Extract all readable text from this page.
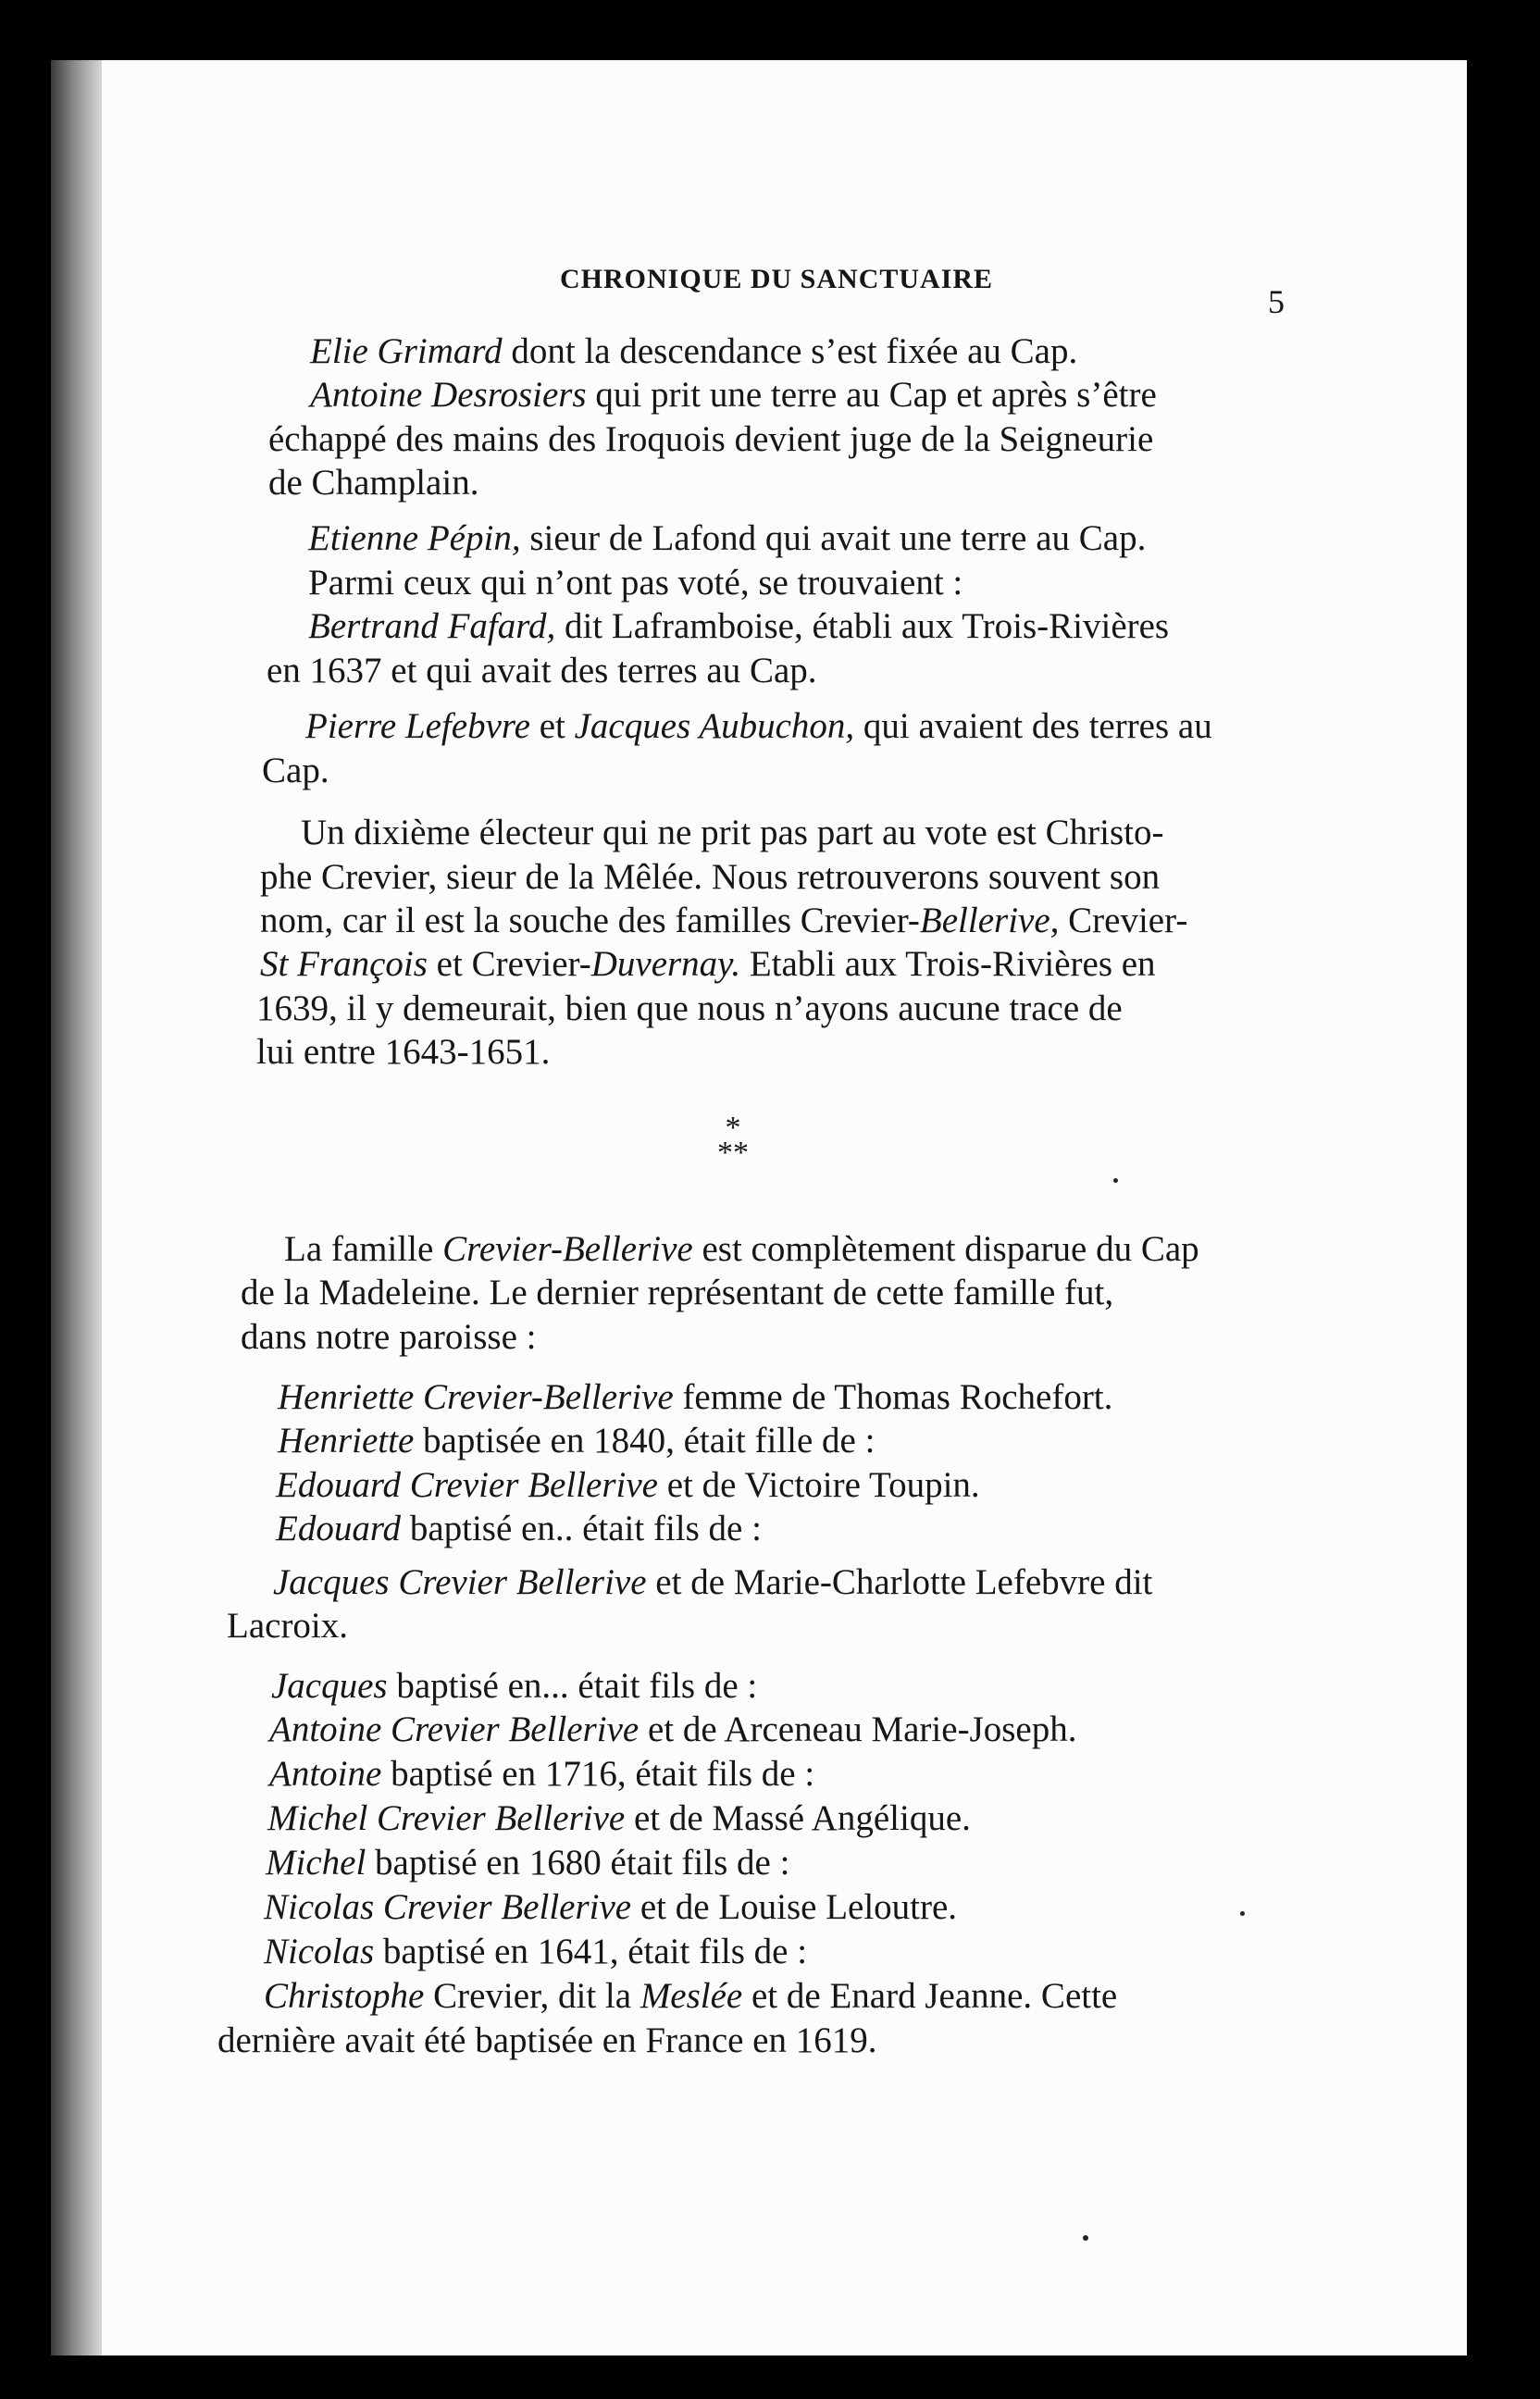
CHRONIQUE DU SANCTUAIRE
5
Elie Grimard dont la descendance s’est fixée au Cap.
Antoine Desrosiers qui prit une terre au Cap et après s’être
échappé des mains des Iroquois devient juge de la Seigneurie
de Champlain.
Etienne Pépin, sieur de Lafond qui avait une terre au Cap.
Parmi ceux qui n’ont pas voté, se trouvaient :
Bertrand Fafard, dit Laframboise, établi aux Trois-Rivières
en 1637 et qui avait des terres au Cap.
Pierre Lefebvre et Jacques Aubuchon, qui avaient des terres au
Cap.
Un dixième électeur qui ne prit pas part au vote est Christo-
phe Crevier, sieur de la Mêlée. Nous retrouverons souvent son
nom, car il est la souche des familles Crevier-Bellerive, Crevier-
St François et Crevier-Duvernay. Etabli aux Trois-Rivières en
1639, il y demeurait, bien que nous n’ayons aucune trace de
lui entre 1643-1651.
*
**
La famille Crevier-Bellerive est complètement disparue du Cap
de la Madeleine. Le dernier représentant de cette famille fut,
dans notre paroisse :
Henriette Crevier-Bellerive femme de Thomas Rochefort.
Henriette baptisée en 1840, était fille de :
Edouard Crevier Bellerive et de Victoire Toupin.
Edouard baptisé en.. était fils de :
Jacques Crevier Bellerive et de Marie-Charlotte Lefebvre dit
Lacroix.
Jacques baptisé en... était fils de :
Antoine Crevier Bellerive et de Arceneau Marie-Joseph.
Antoine baptisé en 1716, était fils de :
Michel Crevier Bellerive et de Massé Angélique.
Michel baptisé en 1680 était fils de :
Nicolas Crevier Bellerive et de Louise Leloutre.
Nicolas baptisé en 1641, était fils de :
Christophe Crevier, dit la Meslée et de Enard Jeanne. Cette
dernière avait été baptisée en France en 1619.
